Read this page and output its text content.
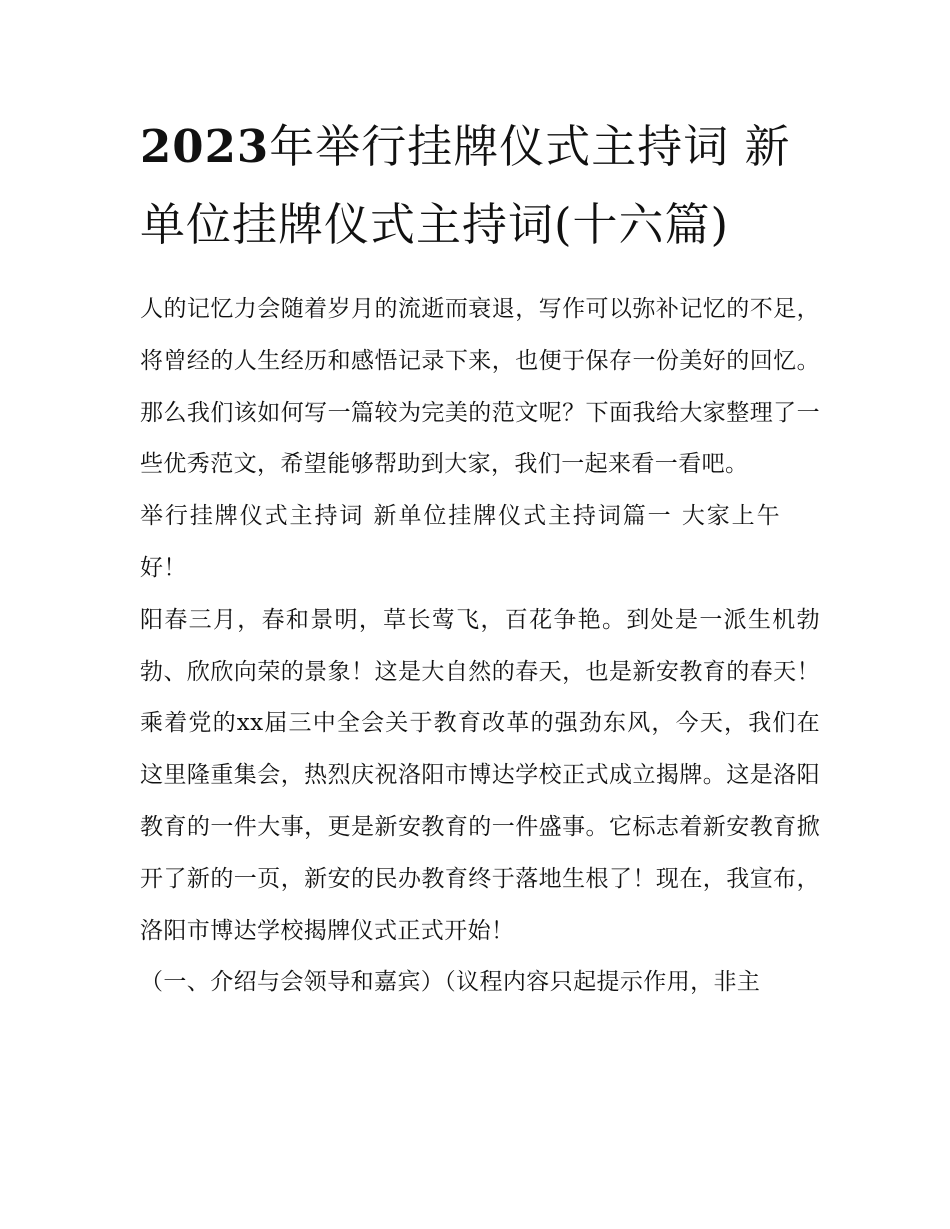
2023年举行挂牌仪式主持词 新单位挂牌仪式主持词(十六篇)

人的记忆力会随着岁月的流逝而衰退，写作可以弥补记忆的不足，将曾经的人生经历和感悟记录下来，也便于保存一份美好的回忆。那么我们该如何写一篇较为完美的范文呢？下面我给大家整理了一些优秀范文，希望能够帮助到大家，我们一起来看一看吧。

举行挂牌仪式主持词 新单位挂牌仪式主持词篇一 大家上午好！

阳春三月，春和景明，草长莺飞，百花争艳。到处是一派生机勃勃、欣欣向荣的景象！这是大自然的春天，也是新安教育的春天！乘着党的xx届三中全会关于教育改革的强劲东风，今天，我们在这里隆重集会，热烈庆祝洛阳市博达学校正式成立揭牌。这是洛阳教育的一件大事，更是新安教育的一件盛事。它标志着新安教育掀开了新的一页，新安的民办教育终于落地生根了！现在，我宣布，洛阳市博达学校揭牌仪式正式开始！

（一、介绍与会领导和嘉宾）（议程内容只起提示作用，非主
